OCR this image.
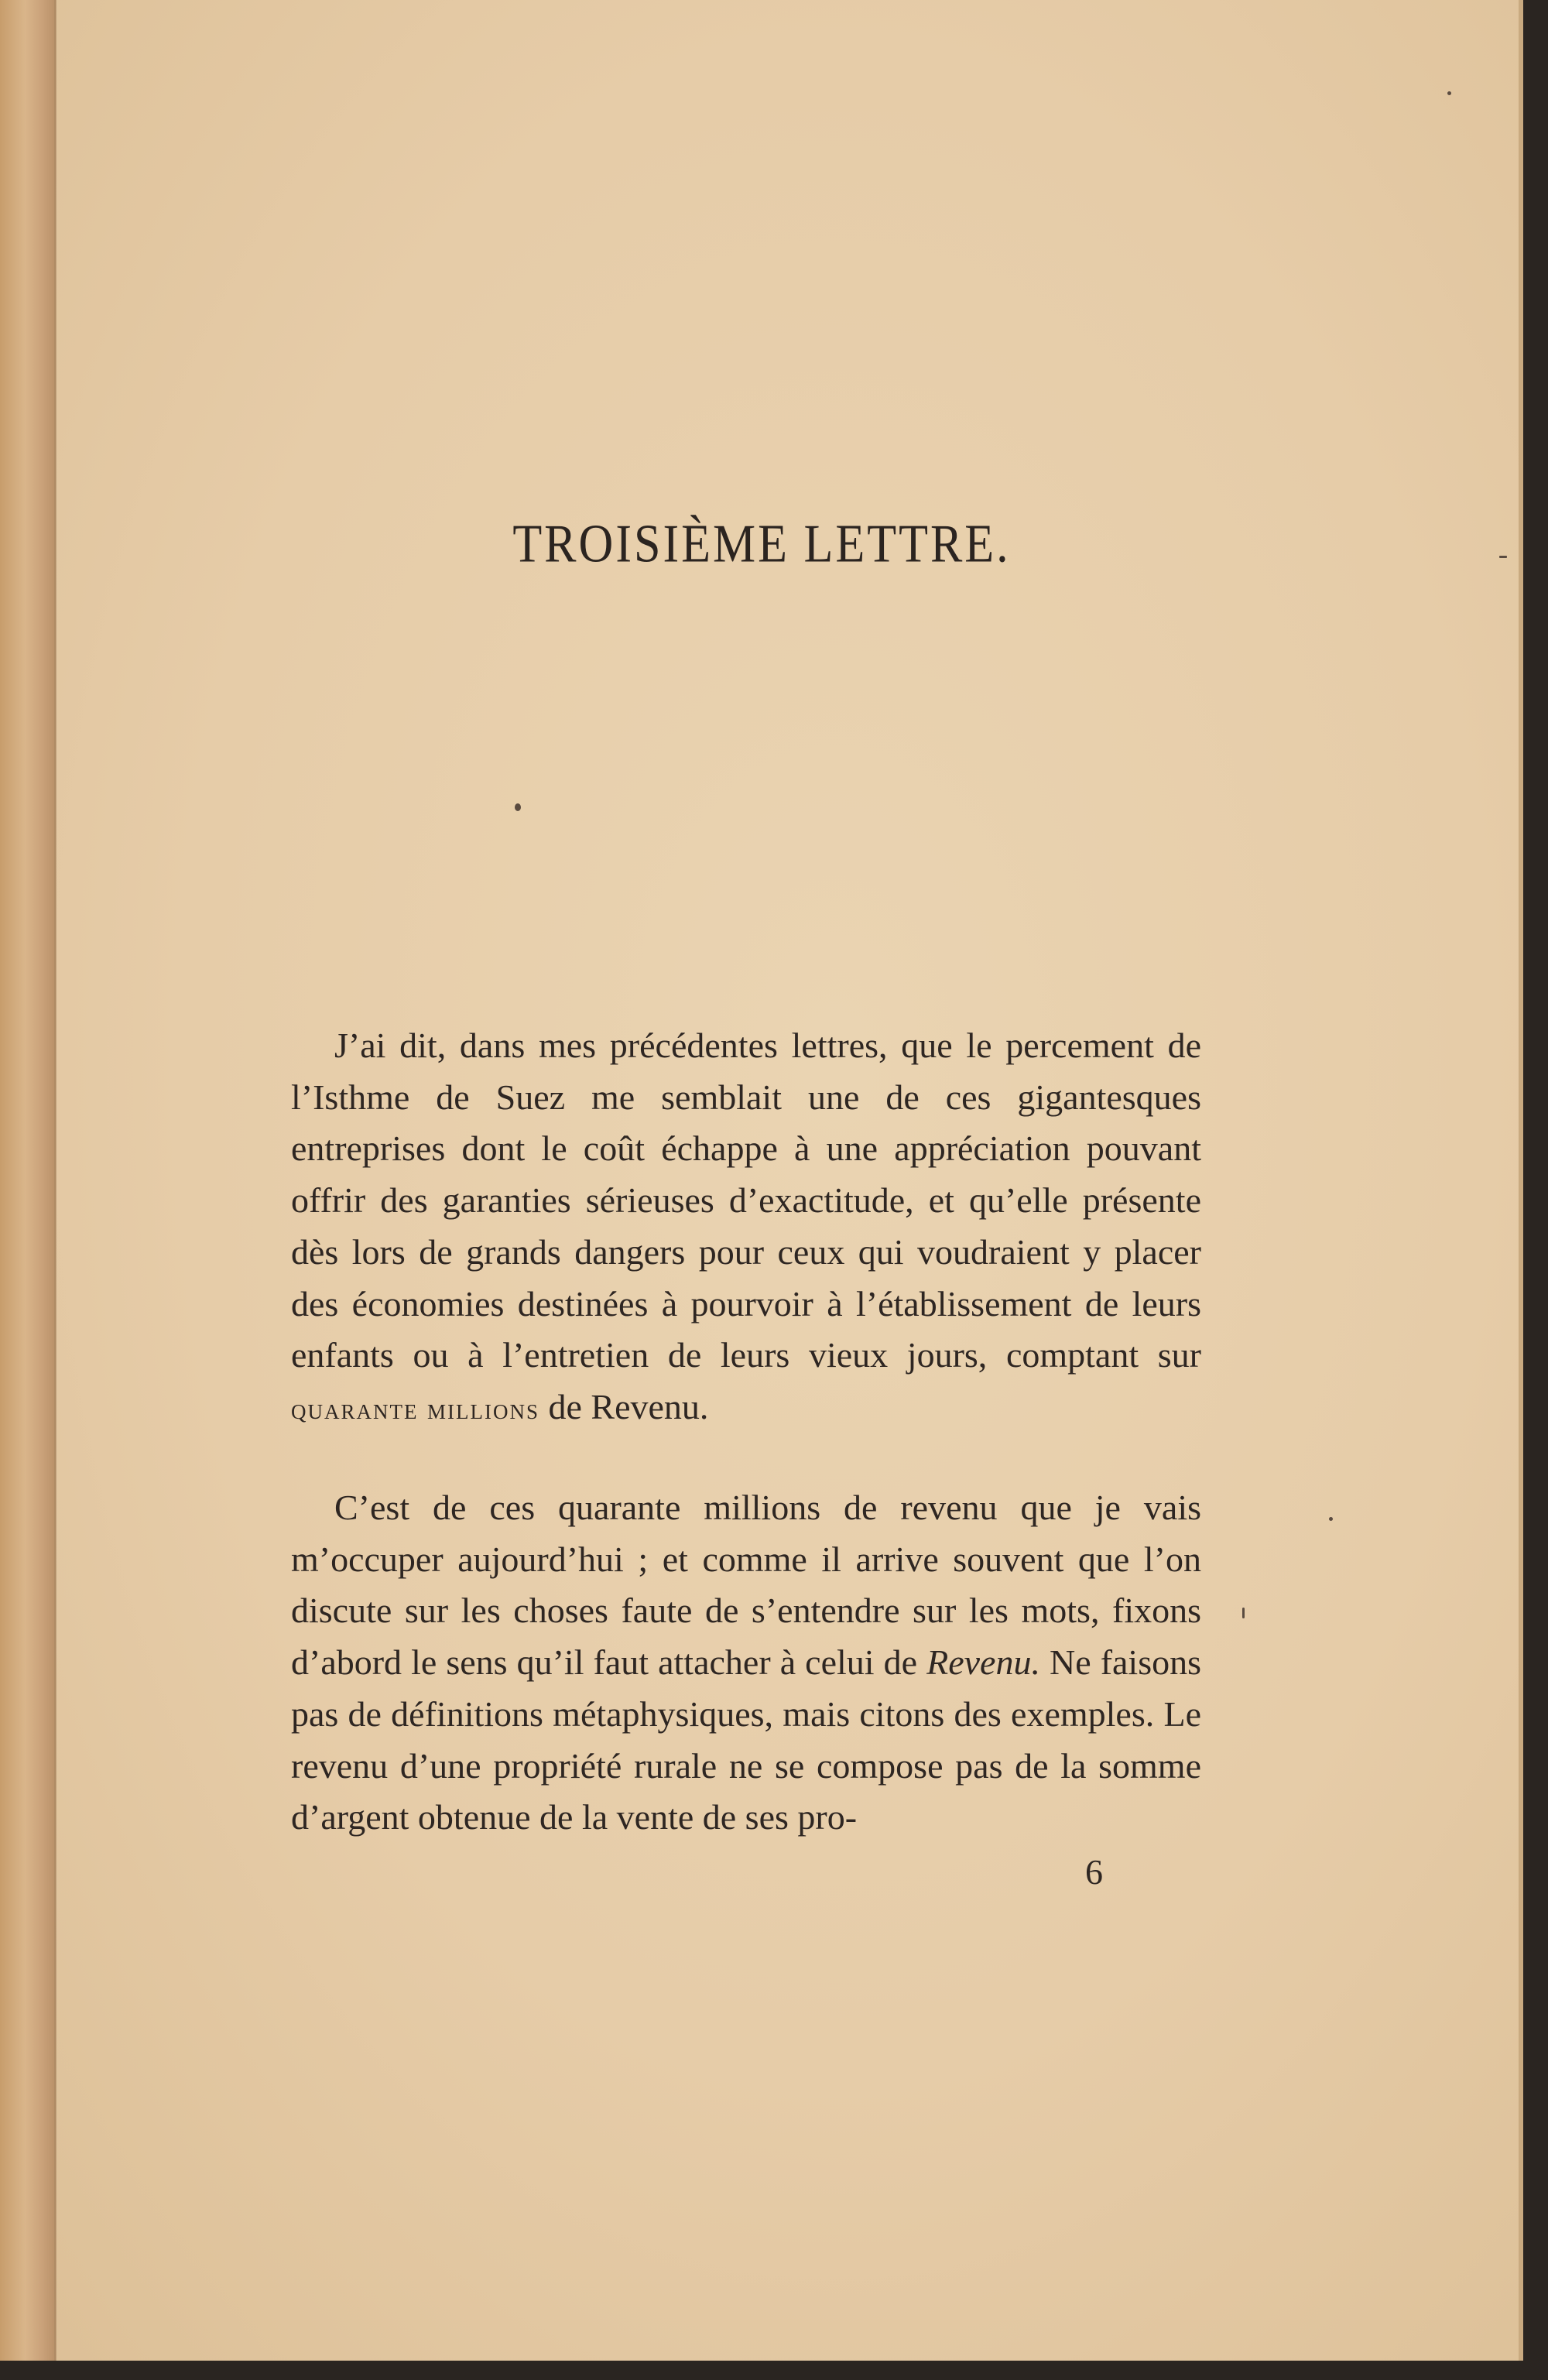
TROISIÈME LETTRE.

J’ai dit, dans mes précédentes lettres, que le percement de l’Isthme de Suez me semblait une de ces gigantesques entreprises dont le coût échappe à une appréciation pouvant offrir des garanties sérieuses d’exactitude, et qu’elle présente dès lors de grands dangers pour ceux qui voudraient y placer des économies destinées à pourvoir à l’établissement de leurs enfants ou à l’entretien de leurs vieux jours, comptant sur quarante millions de Revenu.

C’est de ces quarante millions de revenu que je vais m’occuper aujourd’hui ; et comme il arrive souvent que l’on discute sur les choses faute de s’entendre sur les mots, fixons d’abord le sens qu’il faut attacher à celui de Revenu. Ne faisons pas de définitions métaphysiques, mais citons des exemples. Le revenu d’une propriété rurale ne se compose pas de la somme d’argent obtenue de la vente de ses pro-

6
